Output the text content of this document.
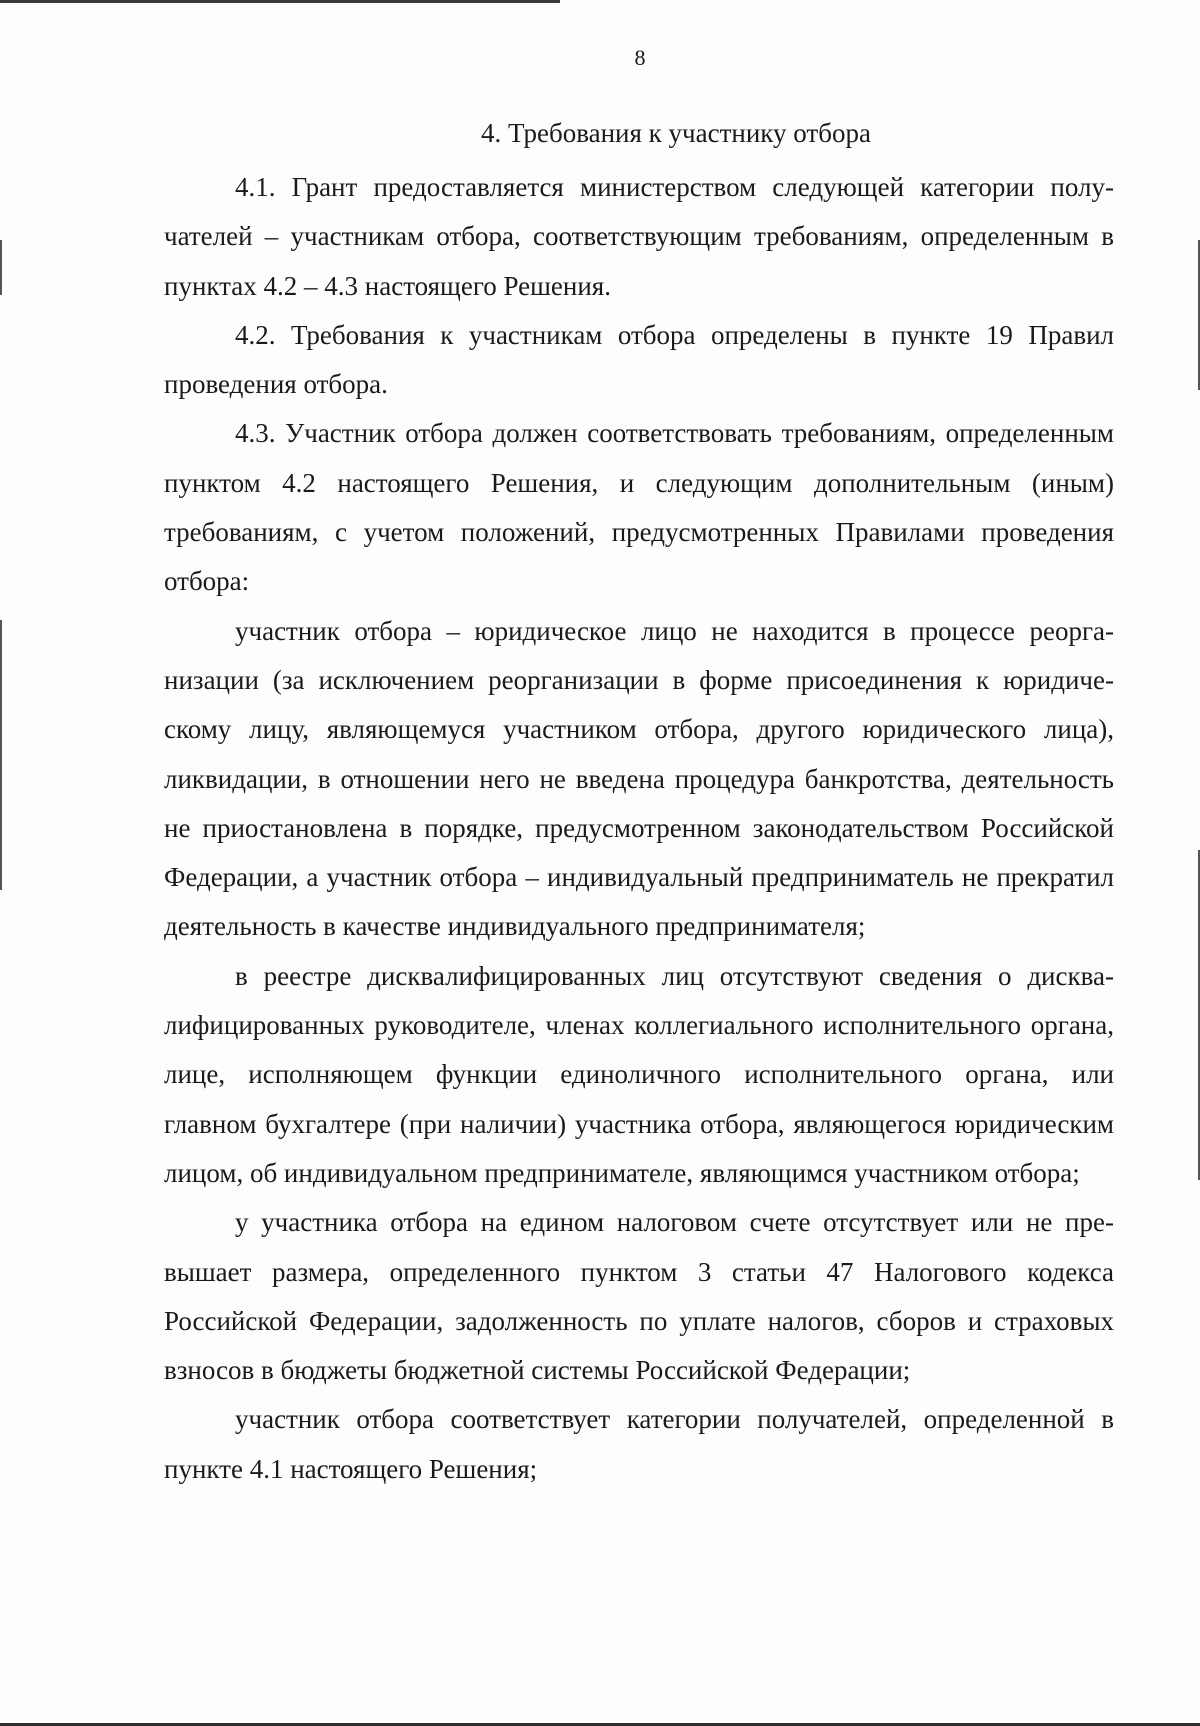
8
4. Требования к участнику отбора

4.1. Грант предоставляется министерством следующей категории получателей – участникам отбора, соответствующим требованиям, определенным в пунктах 4.2 – 4.3 настоящего Решения.

4.2. Требования к участникам отбора определены в пункте 19 Правил проведения отбора.

4.3. Участник отбора должен соответствовать требованиям, определенным пунктом 4.2 настоящего Решения, и следующим дополнительным (иным) требованиям, с учетом положений, предусмотренных Правилами проведения отбора:

участник отбора – юридическое лицо не находится в процессе реорганизации (за исключением реорганизации в форме присоединения к юридическому лицу, являющемуся участником отбора, другого юридического лица), ликвидации, в отношении него не введена процедура банкротства, деятельность не приостановлена в порядке, предусмотренном законодательством Российской Федерации, а участник отбора – индивидуальный предприниматель не прекратил деятельность в качестве индивидуального предпринимателя;

в реестре дисквалифицированных лиц отсутствуют сведения о дисквалифицированных руководителе, членах коллегиального исполнительного органа, лице, исполняющем функции единоличного исполнительного органа, или главном бухгалтере (при наличии) участника отбора, являющегося юридическим лицом, об индивидуальном предпринимателе, являющимся участником отбора;

у участника отбора на едином налоговом счете отсутствует или не превышает размера, определенного пунктом 3 статьи 47 Налогового кодекса Российской Федерации, задолженность по уплате налогов, сборов и страховых взносов в бюджеты бюджетной системы Российской Федерации;

участник отбора соответствует категории получателей, определенной в пункте 4.1 настоящего Решения;
